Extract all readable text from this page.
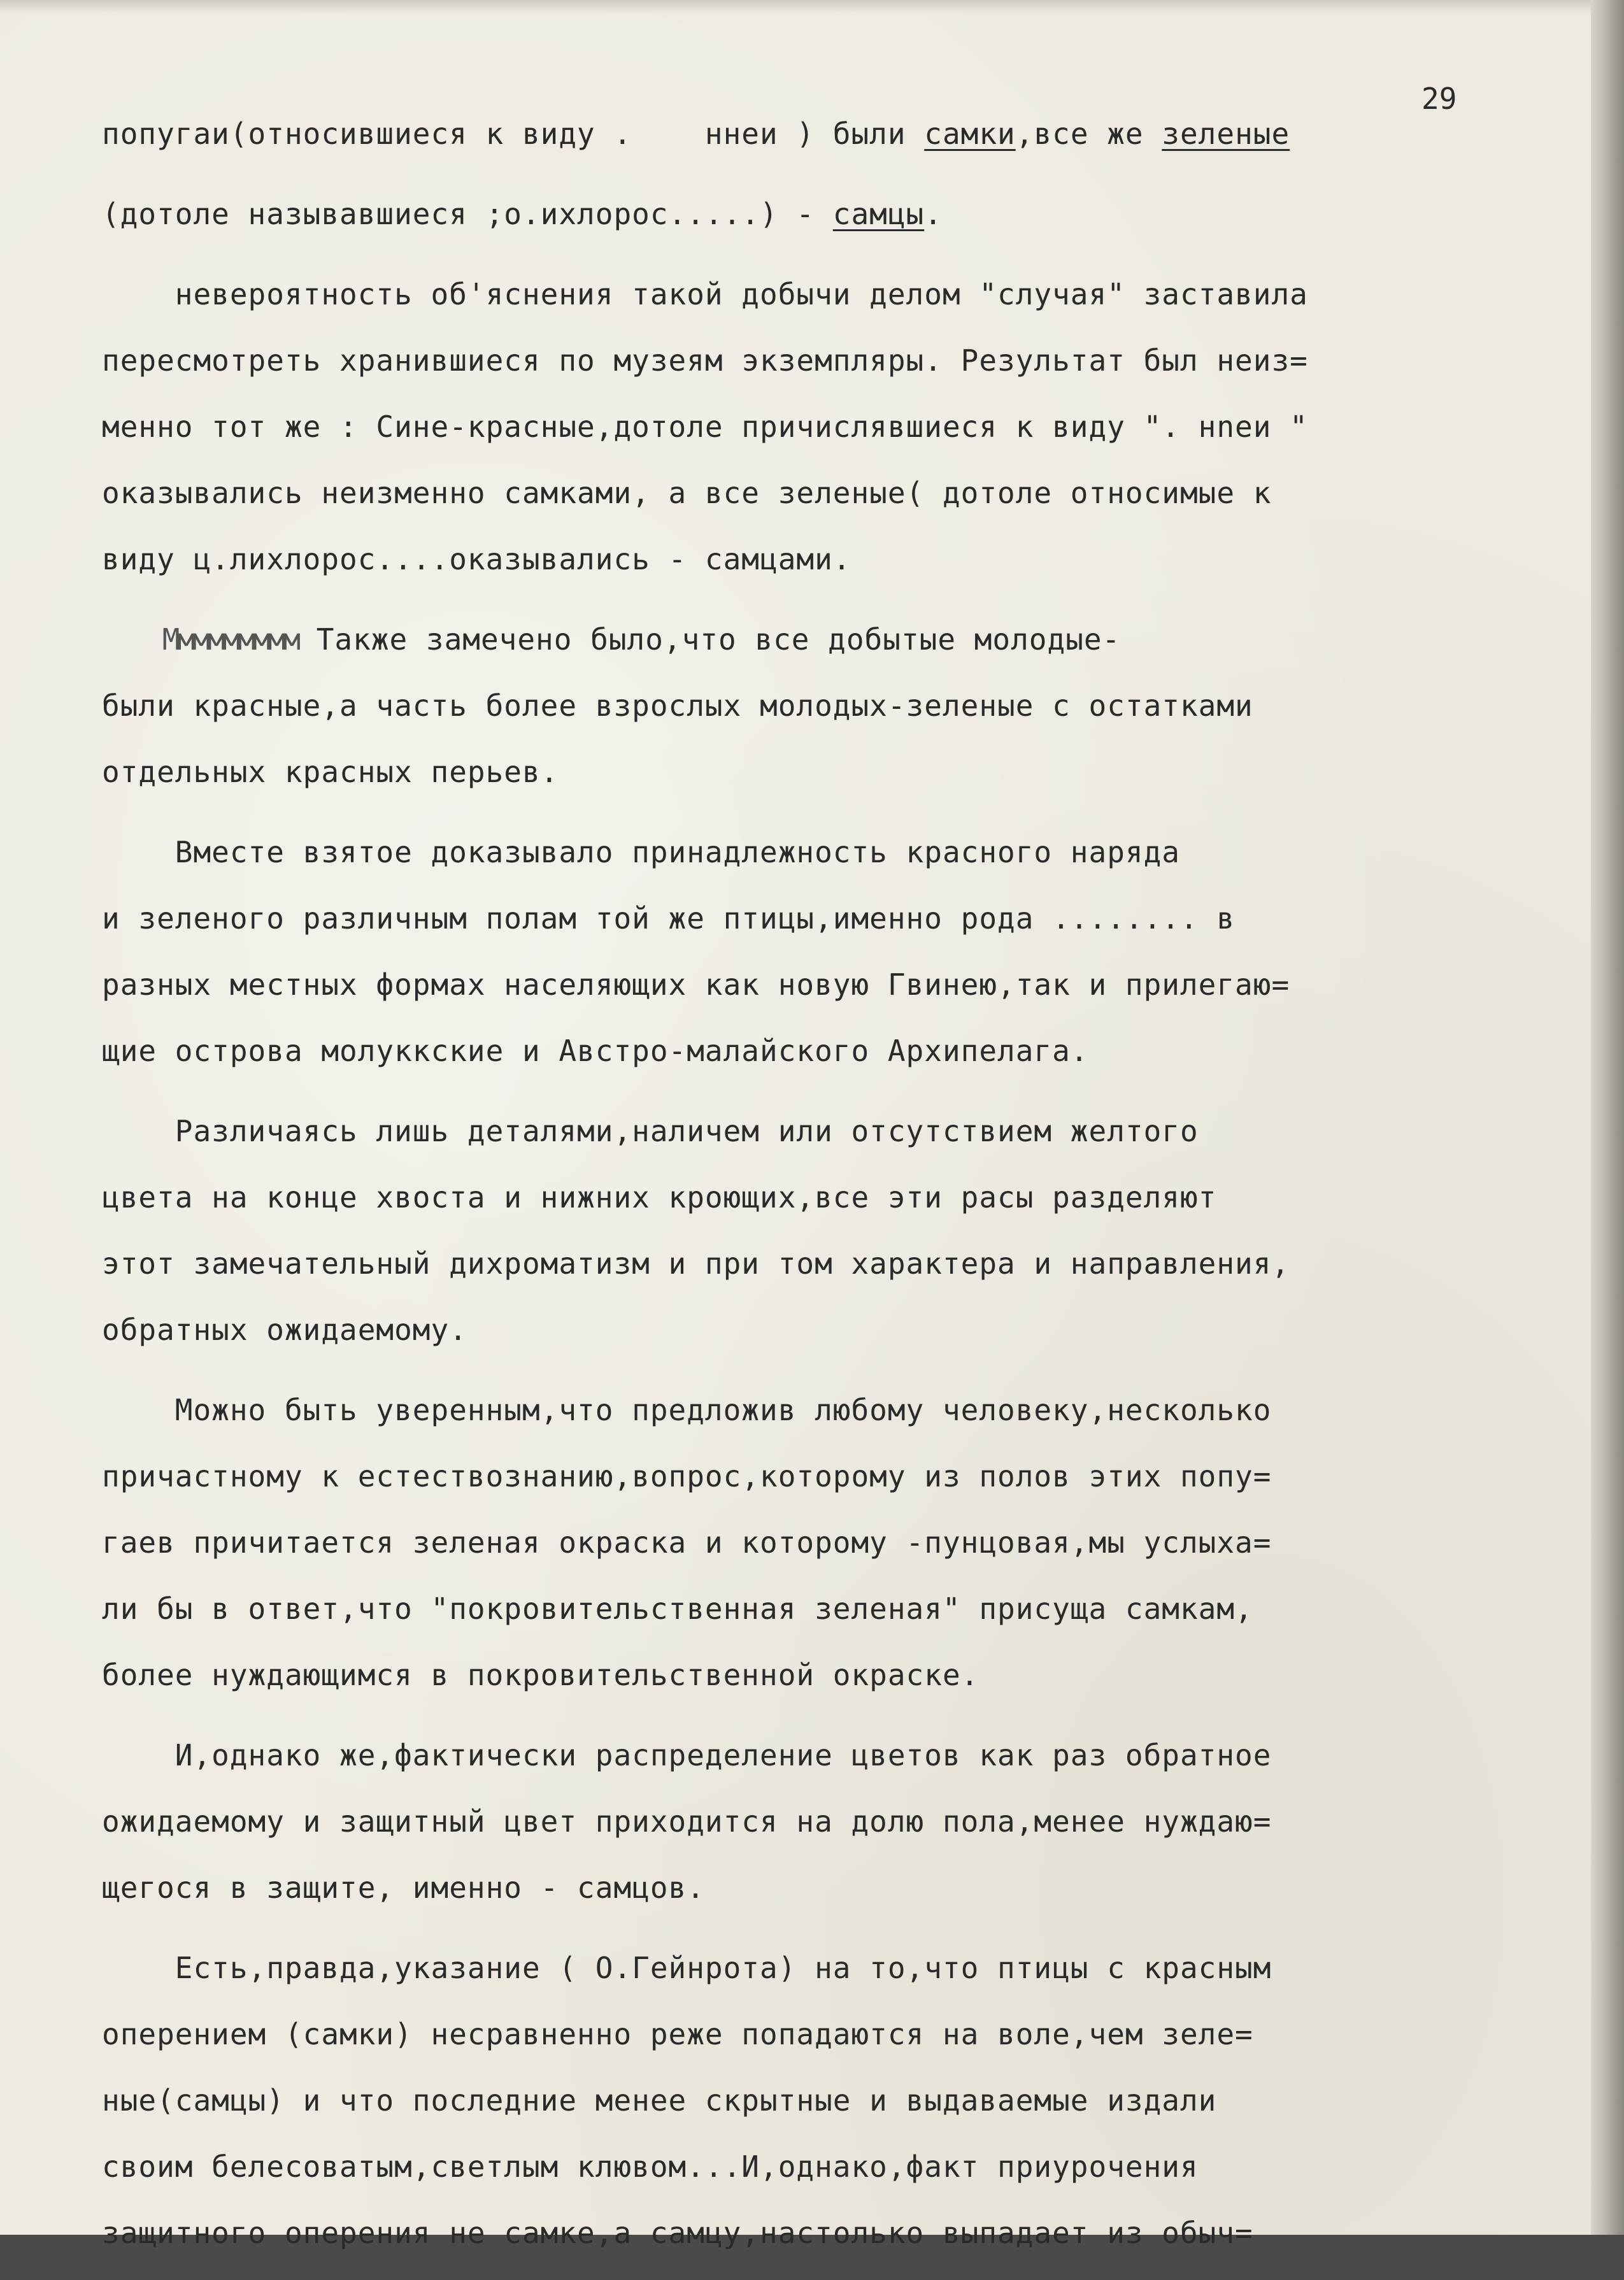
29
попугаи(относившиеся к виду .    ннеи ) были самки,все же зеленые
(дотоле называвшиеся ;о.ихлорос.....) - самцы.
невероятность об'яснения такой добычи делом "случая" заставила
пересмотреть хранившиеся по музеям экземпляры. Результат был неиз=
менно тот же : Сине-красные,дотоле причислявшиеся к виду ". нneи "
оказывались неизменно самками, а все зеленые( дотоле относимые к
виду ц.лихлорос....оказывались - самцами.
Ммммммммм Также замечено было,что все добытые молодые-
были красные,а часть более взрослых молодых-зеленые с остатками
отдельных красных перьев.
Вместе взятое доказывало принадлежность красного наряда
и зеленого различным полам той же птицы,именно рода ........ в
разных местных формах населяющих как новую Гвинею,так и прилегаю=
щие острова молуккские и Австро-малайского Архипелага.
Различаясь лишь деталями,наличем или отсутствием желтого
цвета на конце хвоста и нижних кроющих,все эти расы разделяют
этот замечательный дихроматизм и при том характера и направления,
обратных ожидаемому.
Можно быть уверенным,что предложив любому человеку,несколько
причастному к естествознанию,вопрос,которому из полов этих попу=
гаев причитается зеленая окраска и которому -пунцовая,мы услыха=
ли бы в ответ,что "покровительственная зеленая" присуща самкам,
более нуждающимся в покровительственной окраске.
И,однако же,фактически распределение цветов как раз обратное
ожидаемому и защитный цвет приходится на долю пола,менее нуждаю=
щегося в защите, именно - самцов.
Есть,правда,указание ( О.Гейнрота) на то,что птицы с красным
оперением (самки) несравненно реже попадаются на воле,чем зеле=
ные(самцы) и что последние менее скрытные и выдаваемые издали
своим белесоватым,светлым клювом...И,однако,факт приурочения
защитного оперения не самке,а самцу,настолько выпадает из обыч=
